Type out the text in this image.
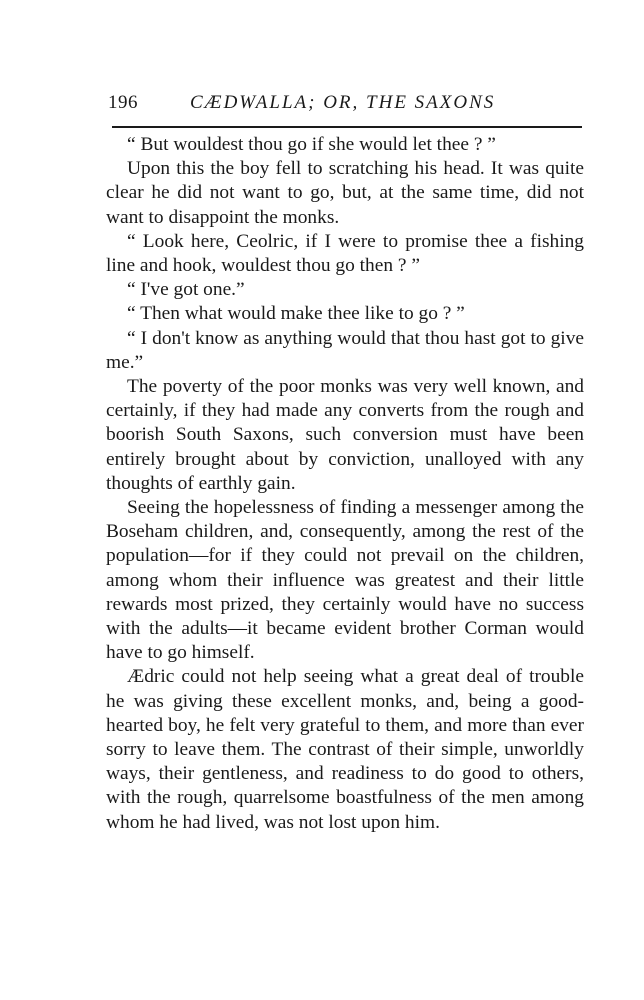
196	CÆDWALLA; OR, THE SAXONS

“ But wouldest thou go if she would let thee ? ”

Upon this the boy fell to scratching his head. It was quite clear he did not want to go, but, at the same time, did not want to disappoint the monks.

“ Look here, Ceolric, if I were to promise thee a fishing line and hook, wouldest thou go then ? ”

“ I've got one.”

“ Then what would make thee like to go ? ”

“ I don't know as anything would that thou hast got to give me.”

The poverty of the poor monks was very well known, and certainly, if they had made any converts from the rough and boorish South Saxons, such conversion must have been entirely brought about by conviction, unalloyed with any thoughts of earthly gain.

Seeing the hopelessness of finding a messenger among the Boseham children, and, consequently, among the rest of the population—for if they could not prevail on the children, among whom their influence was greatest and their little rewards most prized, they certainly would have no success with the adults—it became evident brother Corman would have to go himself.

Ædric could not help seeing what a great deal of trouble he was giving these excellent monks, and, being a good-hearted boy, he felt very grateful to them, and more than ever sorry to leave them. The contrast of their simple, unworldly ways, their gentleness, and readiness to do good to others, with the rough, quarrelsome boastfulness of the men among whom he had lived, was not lost upon him.
